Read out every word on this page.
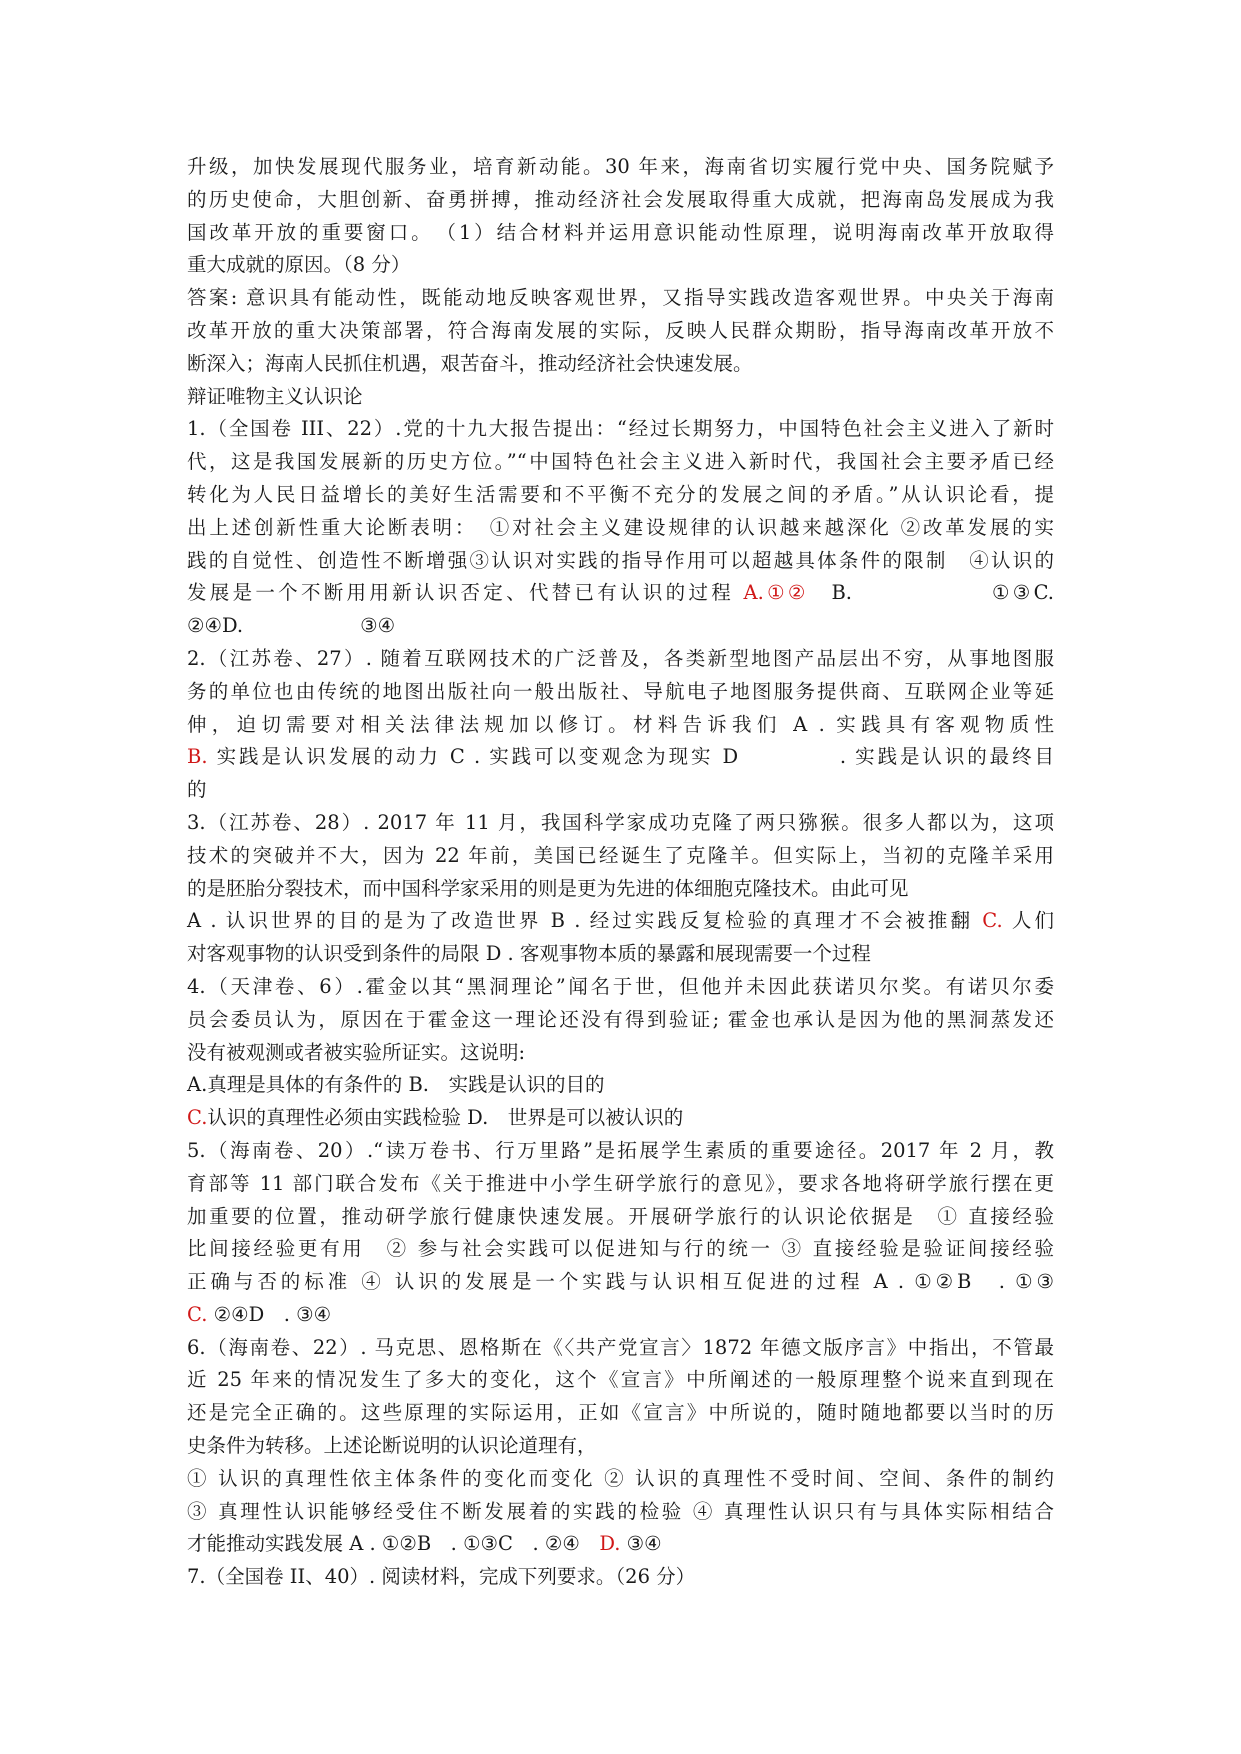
升级，加快发展现代服务业，培育新动能。30 年来，海南省切实履行党中央、国务院赋予
的历史使命，大胆创新、奋勇拼搏，推动经济社会发展取得重大成就，把海南岛发展成为我
国改革开放的重要窗口。　（1）结合材料并运用意识能动性原理，说明海南改革开放取得
重大成就的原因。（8 分）
答案: 意识具有能动性，既能动地反映客观世界，又指导实践改造客观世界。中央关于海南
改革开放的重大决策部署，符合海南发展的实际，反映人民群众期盼，指导海南改革开放不
断深入；海南人民抓住机遇，艰苦奋斗，推动经济社会快速发展。
辩证唯物主义认识论
1.（全国卷 III、22）.党的十九大报告提出：“经过长期努力，中国特色社会主义进入了新时
代，这是我国发展新的历史方位。”“中国特色社会主义进入新时代，我国社会主要矛盾已经
转化为人民日益增长的美好生活需要和不平衡不充分的发展之间的矛盾。”从认识论看，提
出上述创新性重大论断表明：　①对社会主义建设规律的认识越来越深化 ②改革发展的实
践的自觉性、创造性不断增强③认识对实践的指导作用可以超越具体条件的限制　④认识的
发展是一个不断用用新认识否定、代替已有认识的过程 A.①②　B.　　　　　　①③C.
②④D.　　　　　　③④
2.（江苏卷、27）. 随着互联网技术的广泛普及，各类新型地图产品层出不穷，从事地图服
务的单位也由传统的地图出版社向一般出版社、导航电子地图服务提供商、互联网企业等延
伸，迫切需要对相关法律法规加以修订。材料告诉我们 A . 实践具有客观物质性
B. 实践是认识发展的动力 C . 实践可以变观念为现实 D　　　　 . 实践是认识的最终目
的
3.（江苏卷、28）. 2017 年 11 月，我国科学家成功克隆了两只猕猴。很多人都以为，这项
技术的突破并不大，因为 22 年前，美国已经诞生了克隆羊。但实际上，当初的克隆羊采用
的是胚胎分裂技术，而中国科学家采用的则是更为先进的体细胞克隆技术。由此可见
A . 认识世界的目的是为了改造世界 B . 经过实践反复检验的真理才不会被推翻 C. 人们
对客观事物的认识受到条件的局限 D . 客观事物本质的暴露和展现需要一个过程
4.（天津卷、6）.霍金以其“黑洞理论”闻名于世，但他并未因此获诺贝尔奖。有诺贝尔委
员会委员认为，原因在于霍金这一理论还没有得到验证; 霍金也承认是因为他的黑洞蒸发还
没有被观测或者被实验所证实。这说明:
A.真理是具体的有条件的 B.　实践是认识的目的
C.认识的真理性必须由实践检验 D.　世界是可以被认识的
5.（海南卷、20）.“读万卷书、行万里路”是拓展学生素质的重要途径。2017 年 2 月，教
育部等 11 部门联合发布《关于推进中小学生研学旅行的意见》，要求各地将研学旅行摆在更
加重要的位置，推动研学旅行健康快速发展。开展研学旅行的认识论依据是　① 直接经验
比间接经验更有用　② 参与社会实践可以促进知与行的统一 ③ 直接经验是验证间接经验
正确与否的标准 ④ 认识的发展是一个实践与认识相互促进的过程 A . ①②B　. ①③
C. ②④D　. ③④
6.（海南卷、22）. 马克思、恩格斯在《〈共产党宣言〉1872 年德文版序言》中指出，不管最
近 25 年来的情况发生了多大的变化，这个《宣言》中所阐述的一般原理整个说来直到现在
还是完全正确的。这些原理的实际运用，正如《宣言》中所说的，随时随地都要以当时的历
史条件为转移。上述论断说明的认识论道理有，
① 认识的真理性依主体条件的变化而变化 ② 认识的真理性不受时间、空间、条件的制约
③ 真理性认识能够经受住不断发展着的实践的检验 ④ 真理性认识只有与具体实际相结合
才能推动实践发展 A . ①②B　. ①③C　. ②④　D. ③④
7.（全国卷 II、40）. 阅读材料，完成下列要求。（26 分）
